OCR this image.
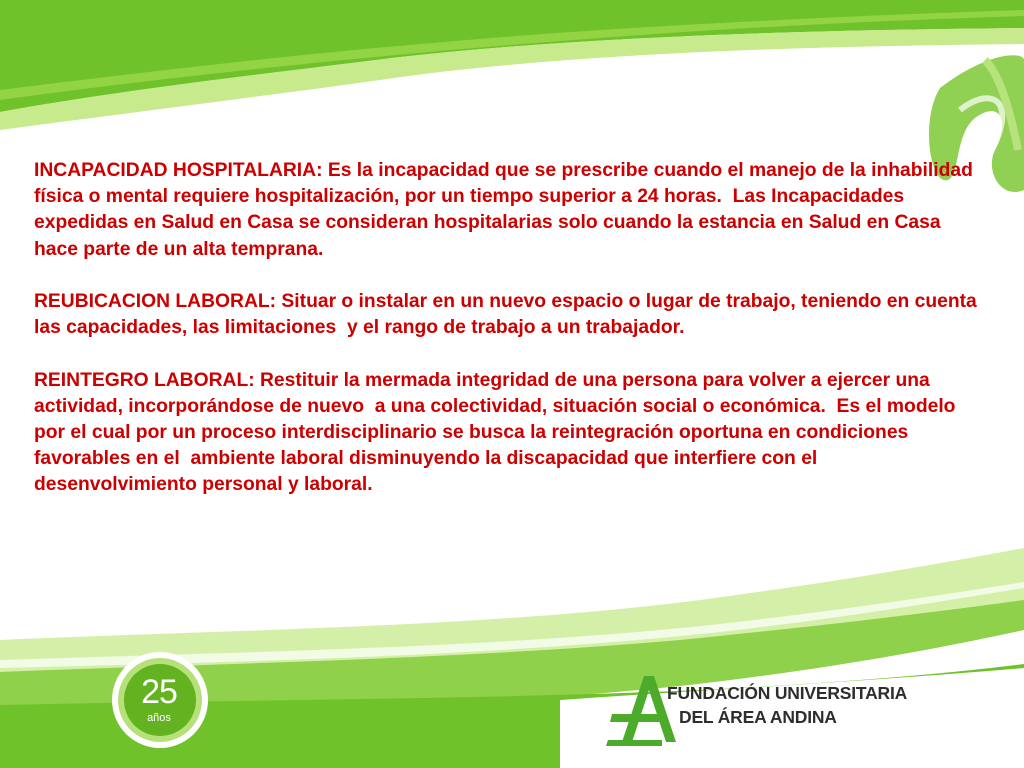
INCAPACIDAD HOSPITALARIA: Es la incapacidad que se prescribe cuando el manejo de la inhabilidad física o mental requiere hospitalización, por un tiempo superior a 24 horas.  Las Incapacidades expedidas en Salud en Casa se consideran hospitalarias solo cuando la estancia en Salud en Casa hace parte de un alta temprana.

REUBICACION LABORAL: Situar o instalar en un nuevo espacio o lugar de trabajo, teniendo en cuenta las capacidades, las limitaciones  y el rango de trabajo a un trabajador.

REINTEGRO LABORAL: Restituir la mermada integridad de una persona para volver a ejercer una actividad, incorporándose de nuevo  a una colectividad, situación social o económica.  Es el modelo por el cual por un proceso interdisciplinario se busca la reintegración oportuna en condiciones favorables en el  ambiente laboral disminuyendo la discapacidad que interfiere con el desenvolvimiento personal y laboral.

25
años
FUNDACIÓN UNIVERSITARIA
DEL ÁREA ANDINA
